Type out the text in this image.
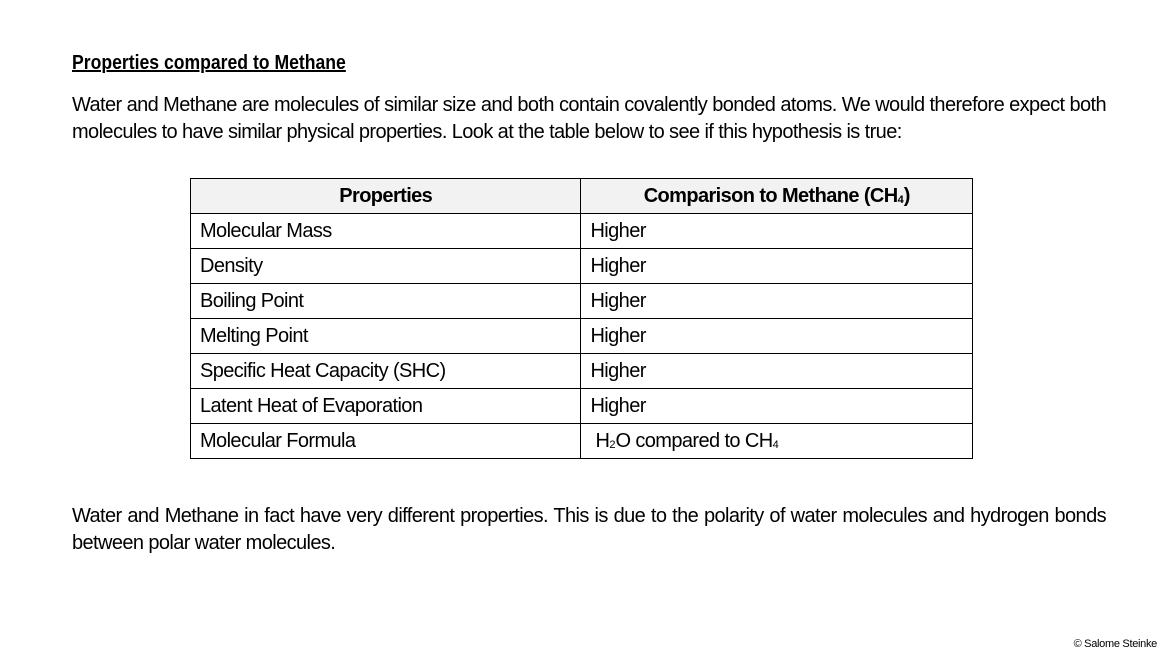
Properties compared to Methane
Water and Methane are molecules of similar size and both contain covalently bonded atoms. We would therefore expect both molecules to have similar physical properties. Look at the table below to see if this hypothesis is true:
Water and Methane in fact have very different properties. This is due to the polarity of water molecules and hydrogen bonds between polar water molecules.
Properties	Comparison to Methane (CH4)
Molecular Mass	Higher
Density	Higher
Boiling Point	Higher
Melting Point	Higher
Specific Heat Capacity (SHC)	Higher
Latent Heat of Evaporation	Higher
Molecular Formula	H2O compared to CH4
© Salome Steinke
